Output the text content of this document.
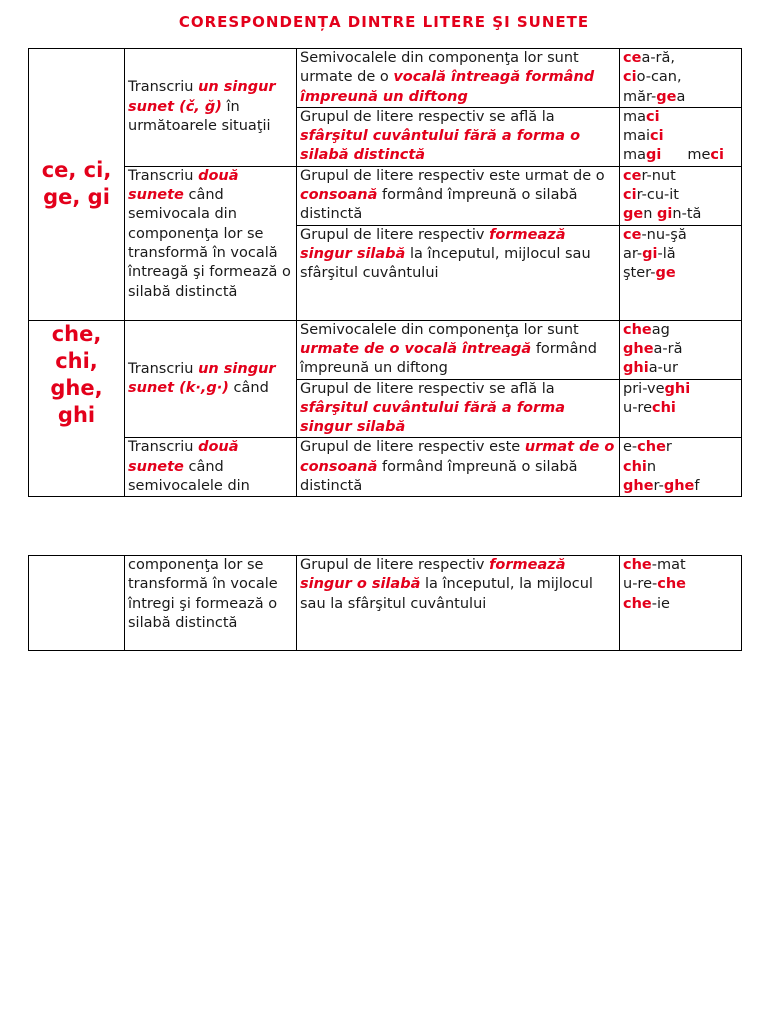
CORESPONDENȚA DINTRE LITERE ŞI SUNETE
ce, ci,
ge, gi	Transcriu un singur sunet (č, ğ) în următoarele situaţii	Semivocalele din componenţa lor sunt urmate de o vocală întreagă formând împreună un diftong	cea-ră,
cio-can,
măr-gea

		Grupul de litere respectiv se află la sfârşitul cuvântului fără a forma o silabă distinctă	maci
maici
magi meci

	Transcriu două sunete când semivocala din componenţa lor se transformă în vocală întreagă şi formează o silabă distinctă	Grupul de litere respectiv este urmat de o consoană formând împreună o silabă distinctă	cer-nut
cir-cu-it
gen gin-tă

		Grupul de litere respectiv formează singur silabă la începutul, mijlocul sau sfârşitul cuvântului	ce-nu-şă
ar-gi-lă
şter-ge

che,
chi,
ghe,
ghi	Transcriu un singur sunet (k·,g·) când	Semivocalele din componenţa lor sunt urmate de o vocală întreagă formând împreună un diftong	cheag
ghea-ră
ghia-ur

		Grupul de litere respectiv se află la sfârşitul cuvântului fără a forma singur silabă	pri-veghi
u-rechi

	Transcriu două sunete când semivocalele din	Grupul de litere respectiv este urmat de o consoană formând împreună o silabă distinctă	e-cher
chin
gher-ghef
	componenţa lor se transformă în vocale întregi şi formează o silabă distinctă	Grupul de litere respectiv formează singur o silabă la începutul, la mijlocul sau la sfârşitul cuvântului	
che-mat
u-re-che
che-ie
